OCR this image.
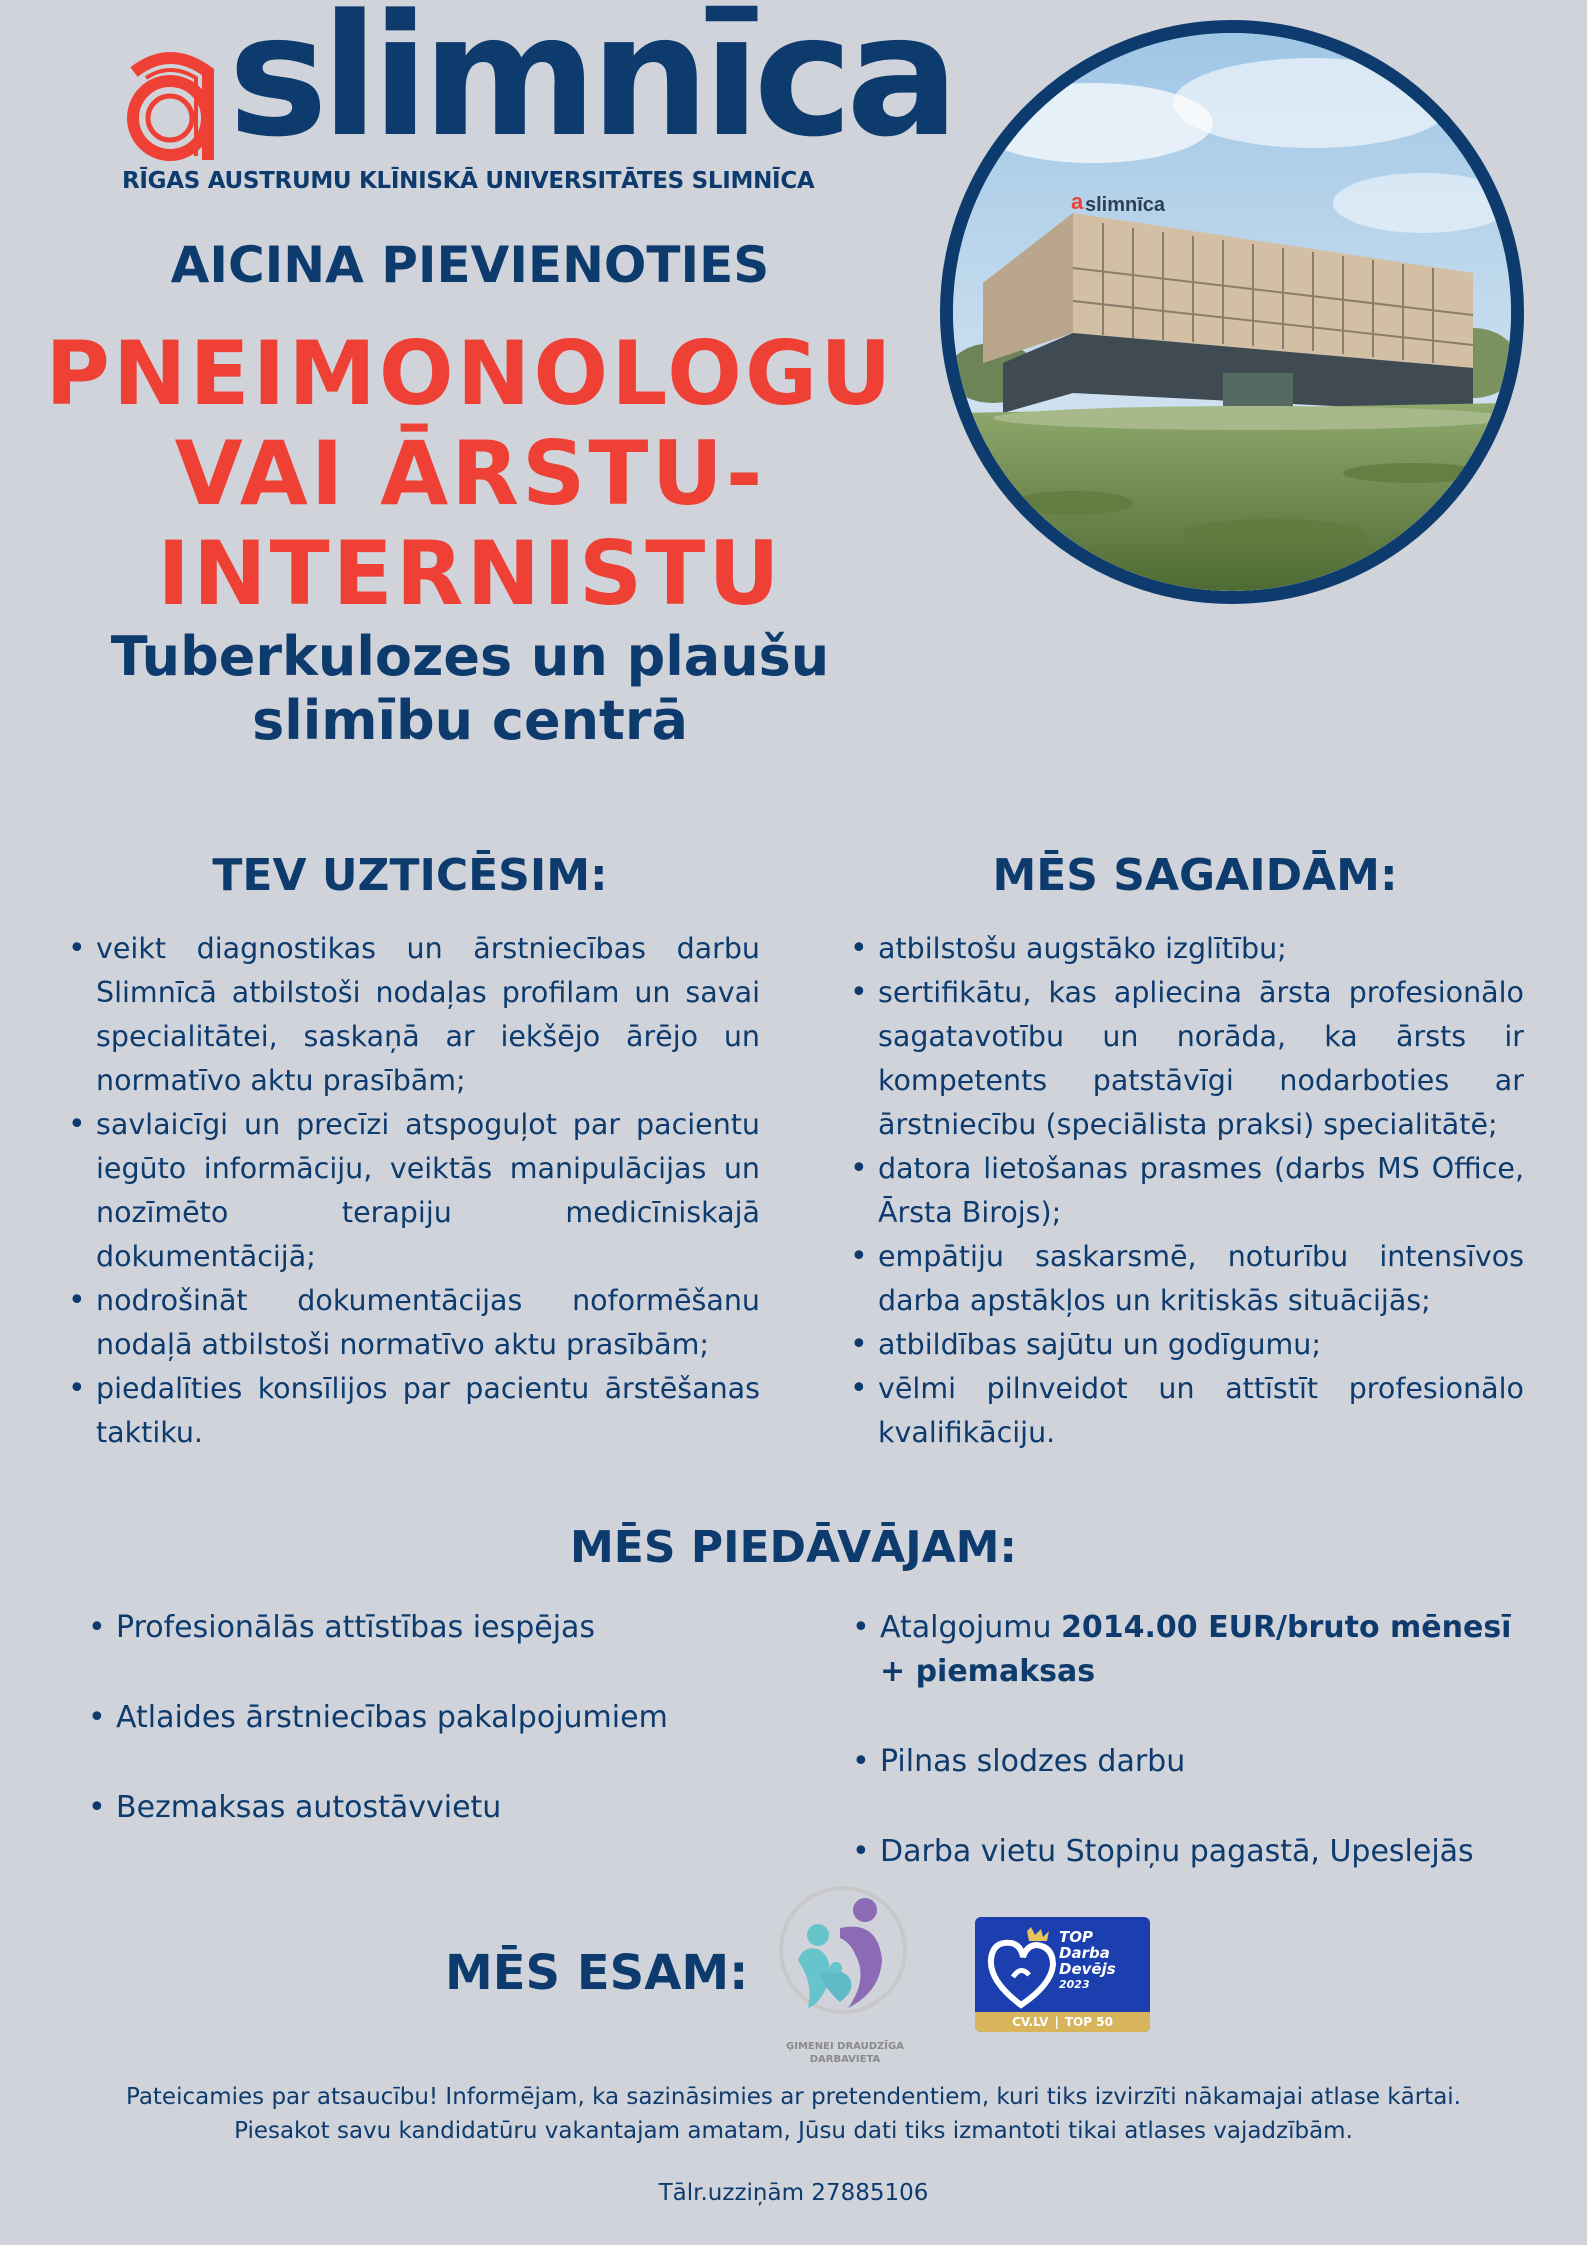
slimnīca
RĪGAS AUSTRUMU KLĪNISKĀ UNIVERSITĀTES SLIMNĪCA
AICINA PIEVIENOTIES
PNEIMONOLOGU
VAI ĀRSTU-
INTERNISTU
Tuberkulozes un plaušu
slimību centrā
a slimnīca
TEV UZTICĒSIM:
• veikt diagnostikas un ārstniecības darbu Slimnīcā atbilstoši nodaļas profilam un savai specialitātei, saskaņā ar iekšējo ārējo un normatīvo aktu prasībām;
• savlaicīgi un precīzi atspoguļot par pacientu iegūto informāciju, veiktās manipulācijas un nozīmēto terapiju medicīniskajā dokumentācijā;
• nodrošināt dokumentācijas noformēšanu nodaļā atbilstoši normatīvo aktu prasībām;
• piedalīties konsīlijos par pacientu ārstēšanas taktiku.
MĒS SAGAIDĀM:
• atbilstošu augstāko izglītību;
• sertifikātu, kas apliecina ārsta profesionālo sagatavotību un norāda, ka ārsts ir kompetents patstāvīgi nodarboties ar ārstniecību (speciālista praksi) specialitātē;
• datora lietošanas prasmes (darbs MS Office, Ārsta Birojs);
• empātiju saskarsmē, noturību intensīvos darba apstākļos un kritiskās situācijās;
• atbildības sajūtu un godīgumu;
• vēlmi pilnveidot un attīstīt profesionālo kvalifikāciju.
MĒS PIEDĀVĀJAM:
• Profesionālās attīstības iespējas
• Atlaides ārstniecības pakalpojumiem
• Bezmaksas autostāvvietu
• Atalgojumu 2014.00 EUR/bruto mēnesī + piemaksas
• Pilnas slodzes darbu
• Darba vietu Stopiņu pagastā, Upeslejās
MĒS ESAM:
ĢIMENEI DRAUDZĪGA
DARBAVIETA
TOP
Darba
Devējs
2023
CV.LV | TOP 50
Pateicamies par atsaucību! Informējam, ka sazināsimies ar pretendentiem, kuri tiks izvirzīti nākamajai atlase kārtai.
Piesakot savu kandidatūru vakantajam amatam, Jūsu dati tiks izmantoti tikai atlases vajadzībām.
Tālr.uzziņām 27885106
